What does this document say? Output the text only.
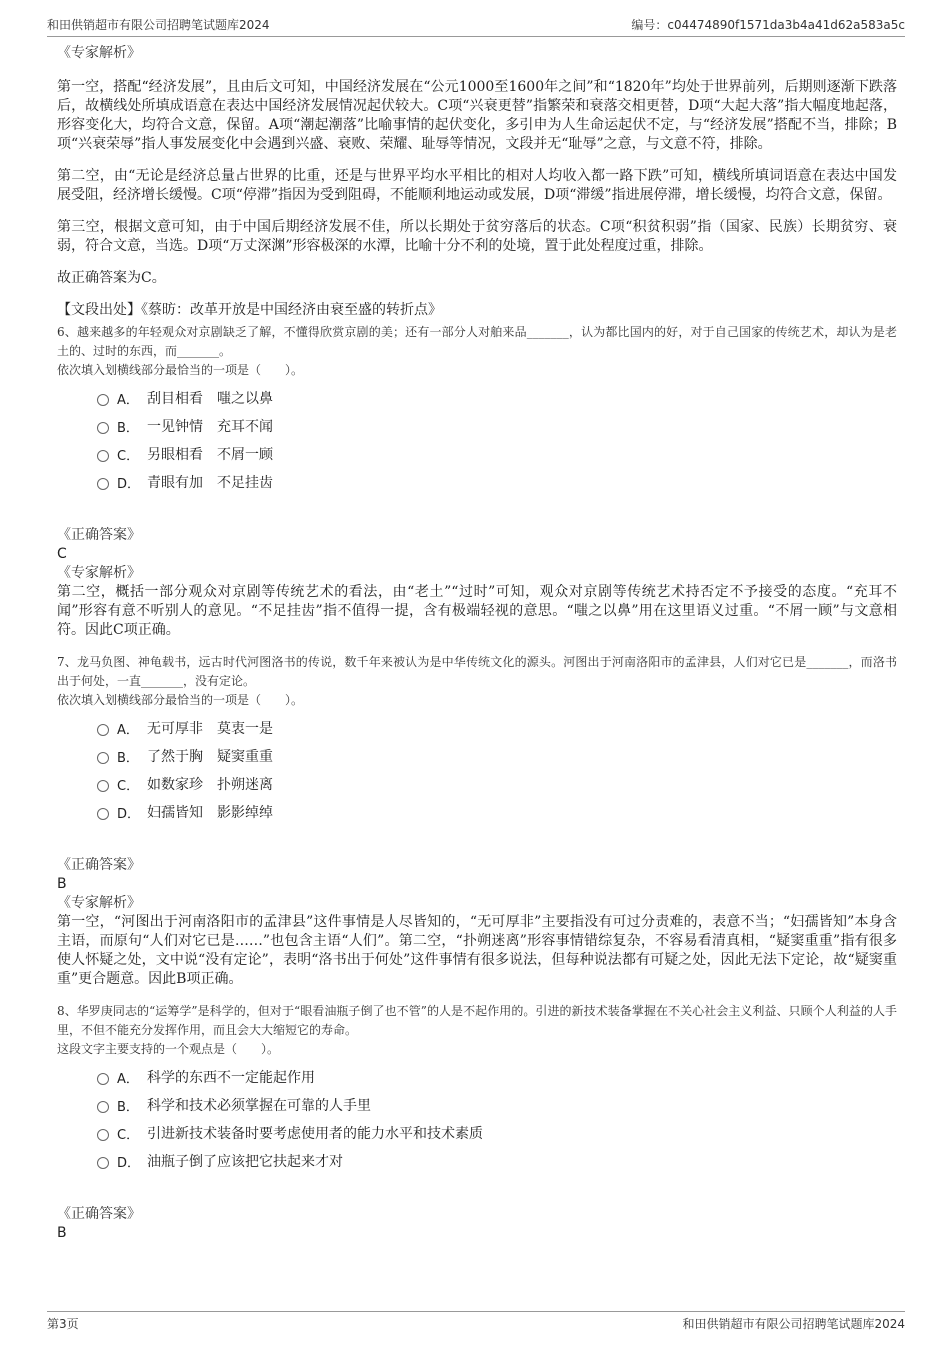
和田供销超市有限公司招聘笔试题库2024	编号：c04474890f1571da3b4a41d62a583a5c
《专家解析》

第一空，搭配“经济发展”，且由后文可知，中国经济发展在“公元1000至1600年之间”和“1820年”均处于世界前列，后期则逐渐下跌落后，故横线处所填成语意在表达中国经济发展情况起伏较大。C项“兴衰更替”指繁荣和衰落交相更替，D项“大起大落”指大幅度地起落，形容变化大，均符合文意，保留。A项“潮起潮落”比喻事情的起伏变化，多引申为人生命运起伏不定，与“经济发展”搭配不当，排除；B项“兴衰荣辱”指人事发展变化中会遇到兴盛、衰败、荣耀、耻辱等情况，文段并无“耻辱”之意，与文意不符，排除。

第二空，由“无论是经济总量占世界的比重，还是与世界平均水平相比的相对人均收入都一路下跌”可知，横线所填词语意在表达中国发展受阻，经济增长缓慢。C项“停滞”指因为受到阻碍，不能顺利地运动或发展，D项“滞缓”指进展停滞，增长缓慢，均符合文意，保留。

第三空，根据文意可知，由于中国后期经济发展不佳，所以长期处于贫穷落后的状态。C项“积贫积弱”指（国家、民族）长期贫穷、衰弱，符合文意，当选。D项“万丈深渊”形容极深的水潭，比喻十分不利的处境，置于此处程度过重，排除。

故正确答案为C。

【文段出处】《蔡昉：改革开放是中国经济由衰至盛的转折点》

6、越来越多的年轻观众对京剧缺乏了解，不懂得欣赏京剧的美；还有一部分人对舶来品_______，认为都比国内的好，对于自己国家的传统艺术，却认为是老土的、过时的东西，而_______。

依次填入划横线部分最恰当的一项是（　　）。

A． 刮目相看　嗤之以鼻
B． 一见钟情　充耳不闻
C． 另眼相看　不屑一顾
D． 青眼有加　不足挂齿
《正确答案》
C
《专家解析》

第二空，概括一部分观众对京剧等传统艺术的看法，由“老土”“过时”可知，观众对京剧等传统艺术持否定不予接受的态度。“充耳不闻”形容有意不听别人的意见。“不足挂齿”指不值得一提，含有极端轻视的意思。“嗤之以鼻”用在这里语义过重。“不屑一顾”与文意相符。因此C项正确。

7、龙马负图、神龟载书，远古时代河图洛书的传说，数千年来被认为是中华传统文化的源头。河图出于河南洛阳市的孟津县，人们对它已是_______，而洛书出于何处，一直_______，没有定论。

依次填入划横线部分最恰当的一项是（　　）。

A． 无可厚非　莫衷一是
B． 了然于胸　疑窦重重
C． 如数家珍　扑朔迷离
D． 妇孺皆知　影影绰绰
《正确答案》
B
《专家解析》

第一空，“河图出于河南洛阳市的孟津县”这件事情是人尽皆知的，“无可厚非”主要指没有可过分责难的，表意不当；“妇孺皆知”本身含主语，而原句“人们对它已是……”也包含主语“人们”。第二空，“扑朔迷离”形容事情错综复杂，不容易看清真相，“疑窦重重”指有很多使人怀疑之处，文中说“没有定论”，表明“洛书出于何处”这件事情有很多说法，但每种说法都有可疑之处，因此无法下定论，故“疑窦重重”更合题意。因此B项正确。

8、华罗庚同志的“运筹学”是科学的，但对于“眼看油瓶子倒了也不管”的人是不起作用的。引进的新技术装备掌握在不关心社会主义利益、只顾个人利益的人手里，不但不能充分发挥作用，而且会大大缩短它的寿命。

这段文字主要支持的一个观点是（　　）。

A． 科学的东西不一定能起作用
B． 科学和技术必须掌握在可靠的人手里
C． 引进新技术装备时要考虑使用者的能力水平和技术素质
D． 油瓶子倒了应该把它扶起来才对
《正确答案》
B
第3页	和田供销超市有限公司招聘笔试题库2024
